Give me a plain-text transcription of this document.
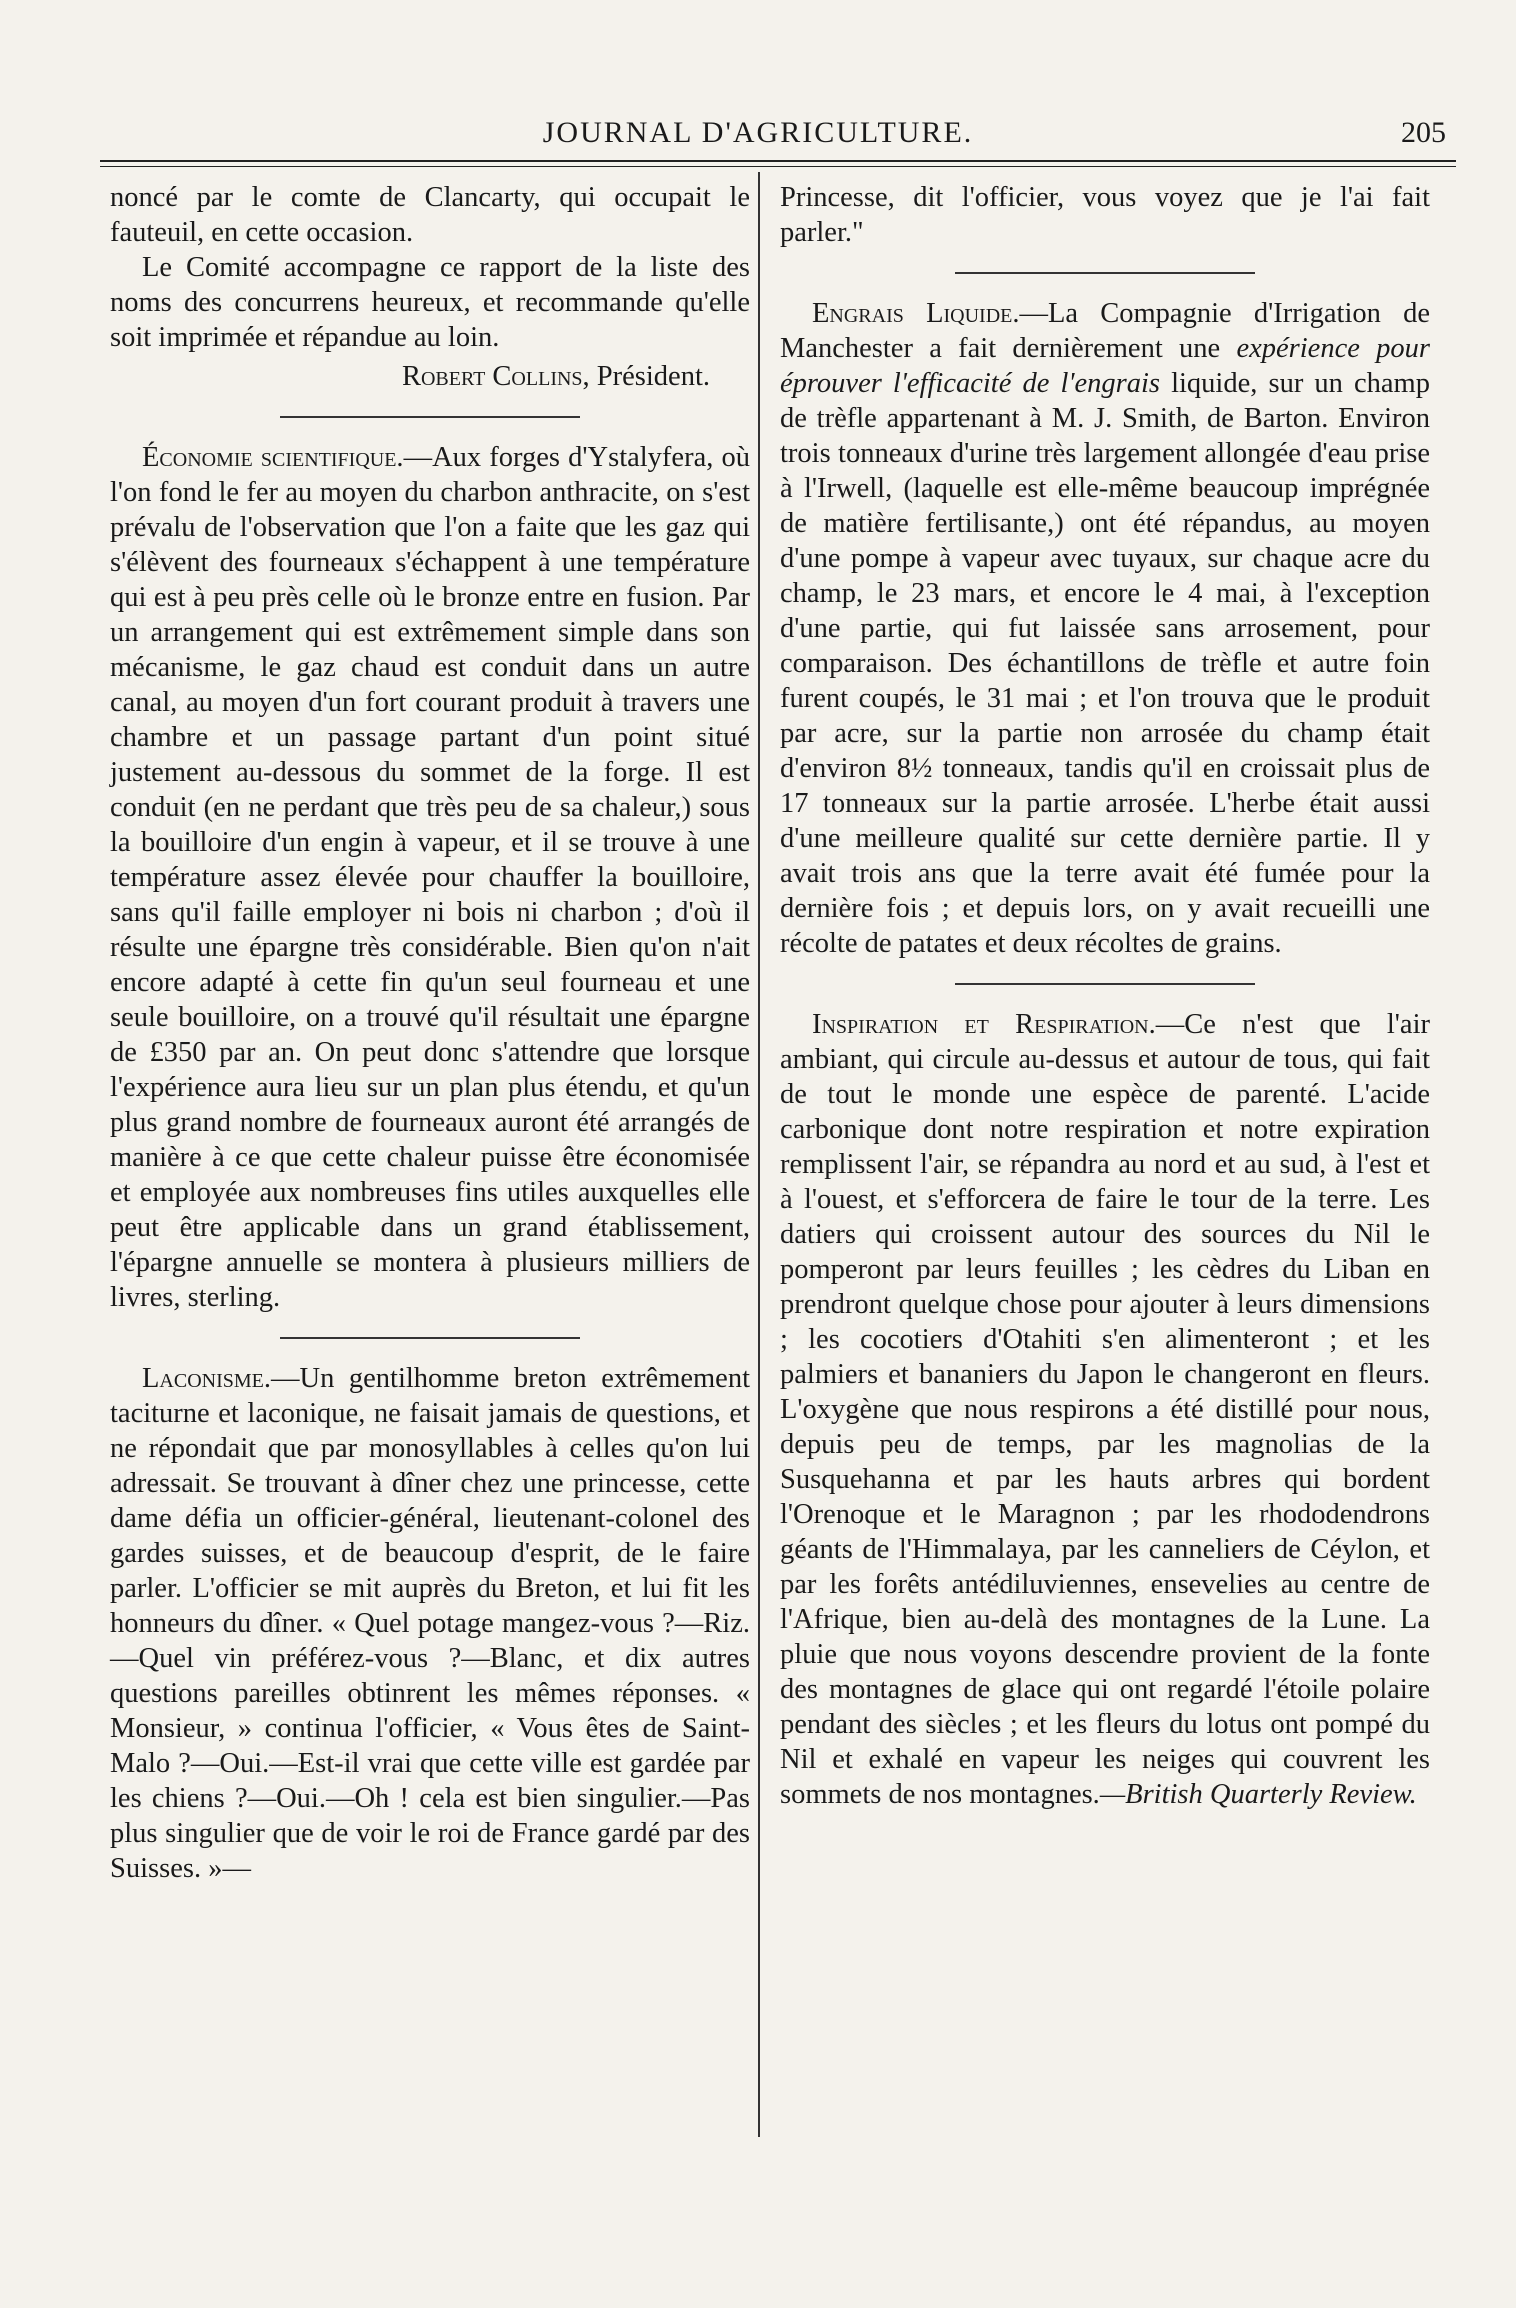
JOURNAL D'AGRICULTURE.	205

noncé par le comte de Clancarty, qui occupait le fauteuil, en cette occasion.

Le Comité accompagne ce rapport de la liste des noms des concurrens heureux, et recommande qu'elle soit imprimée et répandue au loin.

Robert Collins, Président.

Économie scientifique.—Aux forges d'Ystalyfera, où l'on fond le fer au moyen du charbon anthracite, on s'est prévalu de l'observation que l'on a faite que les gaz qui s'élèvent des fourneaux s'échappent à une température qui est à peu près celle où le bronze entre en fusion. Par un arrangement qui est extrêmement simple dans son mécanisme, le gaz chaud est conduit dans un autre canal, au moyen d'un fort courant produit à travers une chambre et un passage partant d'un point situé justement au-dessous du sommet de la forge. Il est conduit (en ne perdant que très peu de sa chaleur,) sous la bouilloire d'un engin à vapeur, et il se trouve à une température assez élevée pour chauffer la bouilloire, sans qu'il faille employer ni bois ni charbon ; d'où il résulte une épargne très considérable. Bien qu'on n'ait encore adapté à cette fin qu'un seul fourneau et une seule bouilloire, on a trouvé qu'il résultait une épargne de £350 par an. On peut donc s'attendre que lorsque l'expérience aura lieu sur un plan plus étendu, et qu'un plus grand nombre de fourneaux auront été arrangés de manière à ce que cette chaleur puisse être économisée et employée aux nombreuses fins utiles auxquelles elle peut être applicable dans un grand établissement, l'épargne annuelle se montera à plusieurs milliers de livres, sterling.

Laconisme.—Un gentilhomme breton extrêmement taciturne et laconique, ne faisait jamais de questions, et ne répondait que par monosyllables à celles qu'on lui adressait. Se trouvant à dîner chez une princesse, cette dame défia un officier-général, lieutenant-colonel des gardes suisses, et de beaucoup d'esprit, de le faire parler. L'officier se mit auprès du Breton, et lui fit les honneurs du dîner. « Quel potage mangez-vous ?—Riz.—Quel vin préférez-vous ?—Blanc, et dix autres questions pareilles obtinrent les mêmes réponses. « Monsieur, » continua l'officier, « Vous êtes de Saint-Malo ?—Oui.—Est-il vrai que cette ville est gardée par les chiens ?—Oui.—Oh ! cela est bien singulier.—Pas plus singulier que de voir le roi de France gardé par des Suisses. »—

Princesse, dit l'officier, vous voyez que je l'ai fait parler."

Engrais Liquide.—La Compagnie d'Irrigation de Manchester a fait dernièrement une expérience pour éprouver l'efficacité de l'engrais liquide, sur un champ de trèfle appartenant à M. J. Smith, de Barton. Environ trois tonneaux d'urine très largement allongée d'eau prise à l'Irwell, (laquelle est elle-même beaucoup imprégnée de matière fertilisante,) ont été répandus, au moyen d'une pompe à vapeur avec tuyaux, sur chaque acre du champ, le 23 mars, et encore le 4 mai, à l'exception d'une partie, qui fut laissée sans arrosement, pour comparaison. Des échantillons de trèfle et autre foin furent coupés, le 31 mai ; et l'on trouva que le produit par acre, sur la partie non arrosée du champ était d'environ 8½ tonneaux, tandis qu'il en croissait plus de 17 tonneaux sur la partie arrosée. L'herbe était aussi d'une meilleure qualité sur cette dernière partie. Il y avait trois ans que la terre avait été fumée pour la dernière fois ; et depuis lors, on y avait recueilli une récolte de patates et deux récoltes de grains.

Inspiration et Respiration.—Ce n'est que l'air ambiant, qui circule au-dessus et autour de tous, qui fait de tout le monde une espèce de parenté. L'acide carbonique dont notre respiration et notre expiration remplissent l'air, se répandra au nord et au sud, à l'est et à l'ouest, et s'efforcera de faire le tour de la terre. Les datiers qui croissent autour des sources du Nil le pomperont par leurs feuilles ; les cèdres du Liban en prendront quelque chose pour ajouter à leurs dimensions ; les cocotiers d'Otahiti s'en alimenteront ; et les palmiers et bananiers du Japon le changeront en fleurs. L'oxygène que nous respirons a été distillé pour nous, depuis peu de temps, par les magnolias de la Susquehanna et par les hauts arbres qui bordent l'Orenoque et le Maragnon ; par les rhododendrons géants de l'Himmalaya, par les canneliers de Céylon, et par les forêts antédiluviennes, ensevelies au centre de l'Afrique, bien au-delà des montagnes de la Lune. La pluie que nous voyons descendre provient de la fonte des montagnes de glace qui ont regardé l'étoile polaire pendant des siècles ; et les fleurs du lotus ont pompé du Nil et exhalé en vapeur les neiges qui couvrent les sommets de nos montagnes.—British Quarterly Review.
